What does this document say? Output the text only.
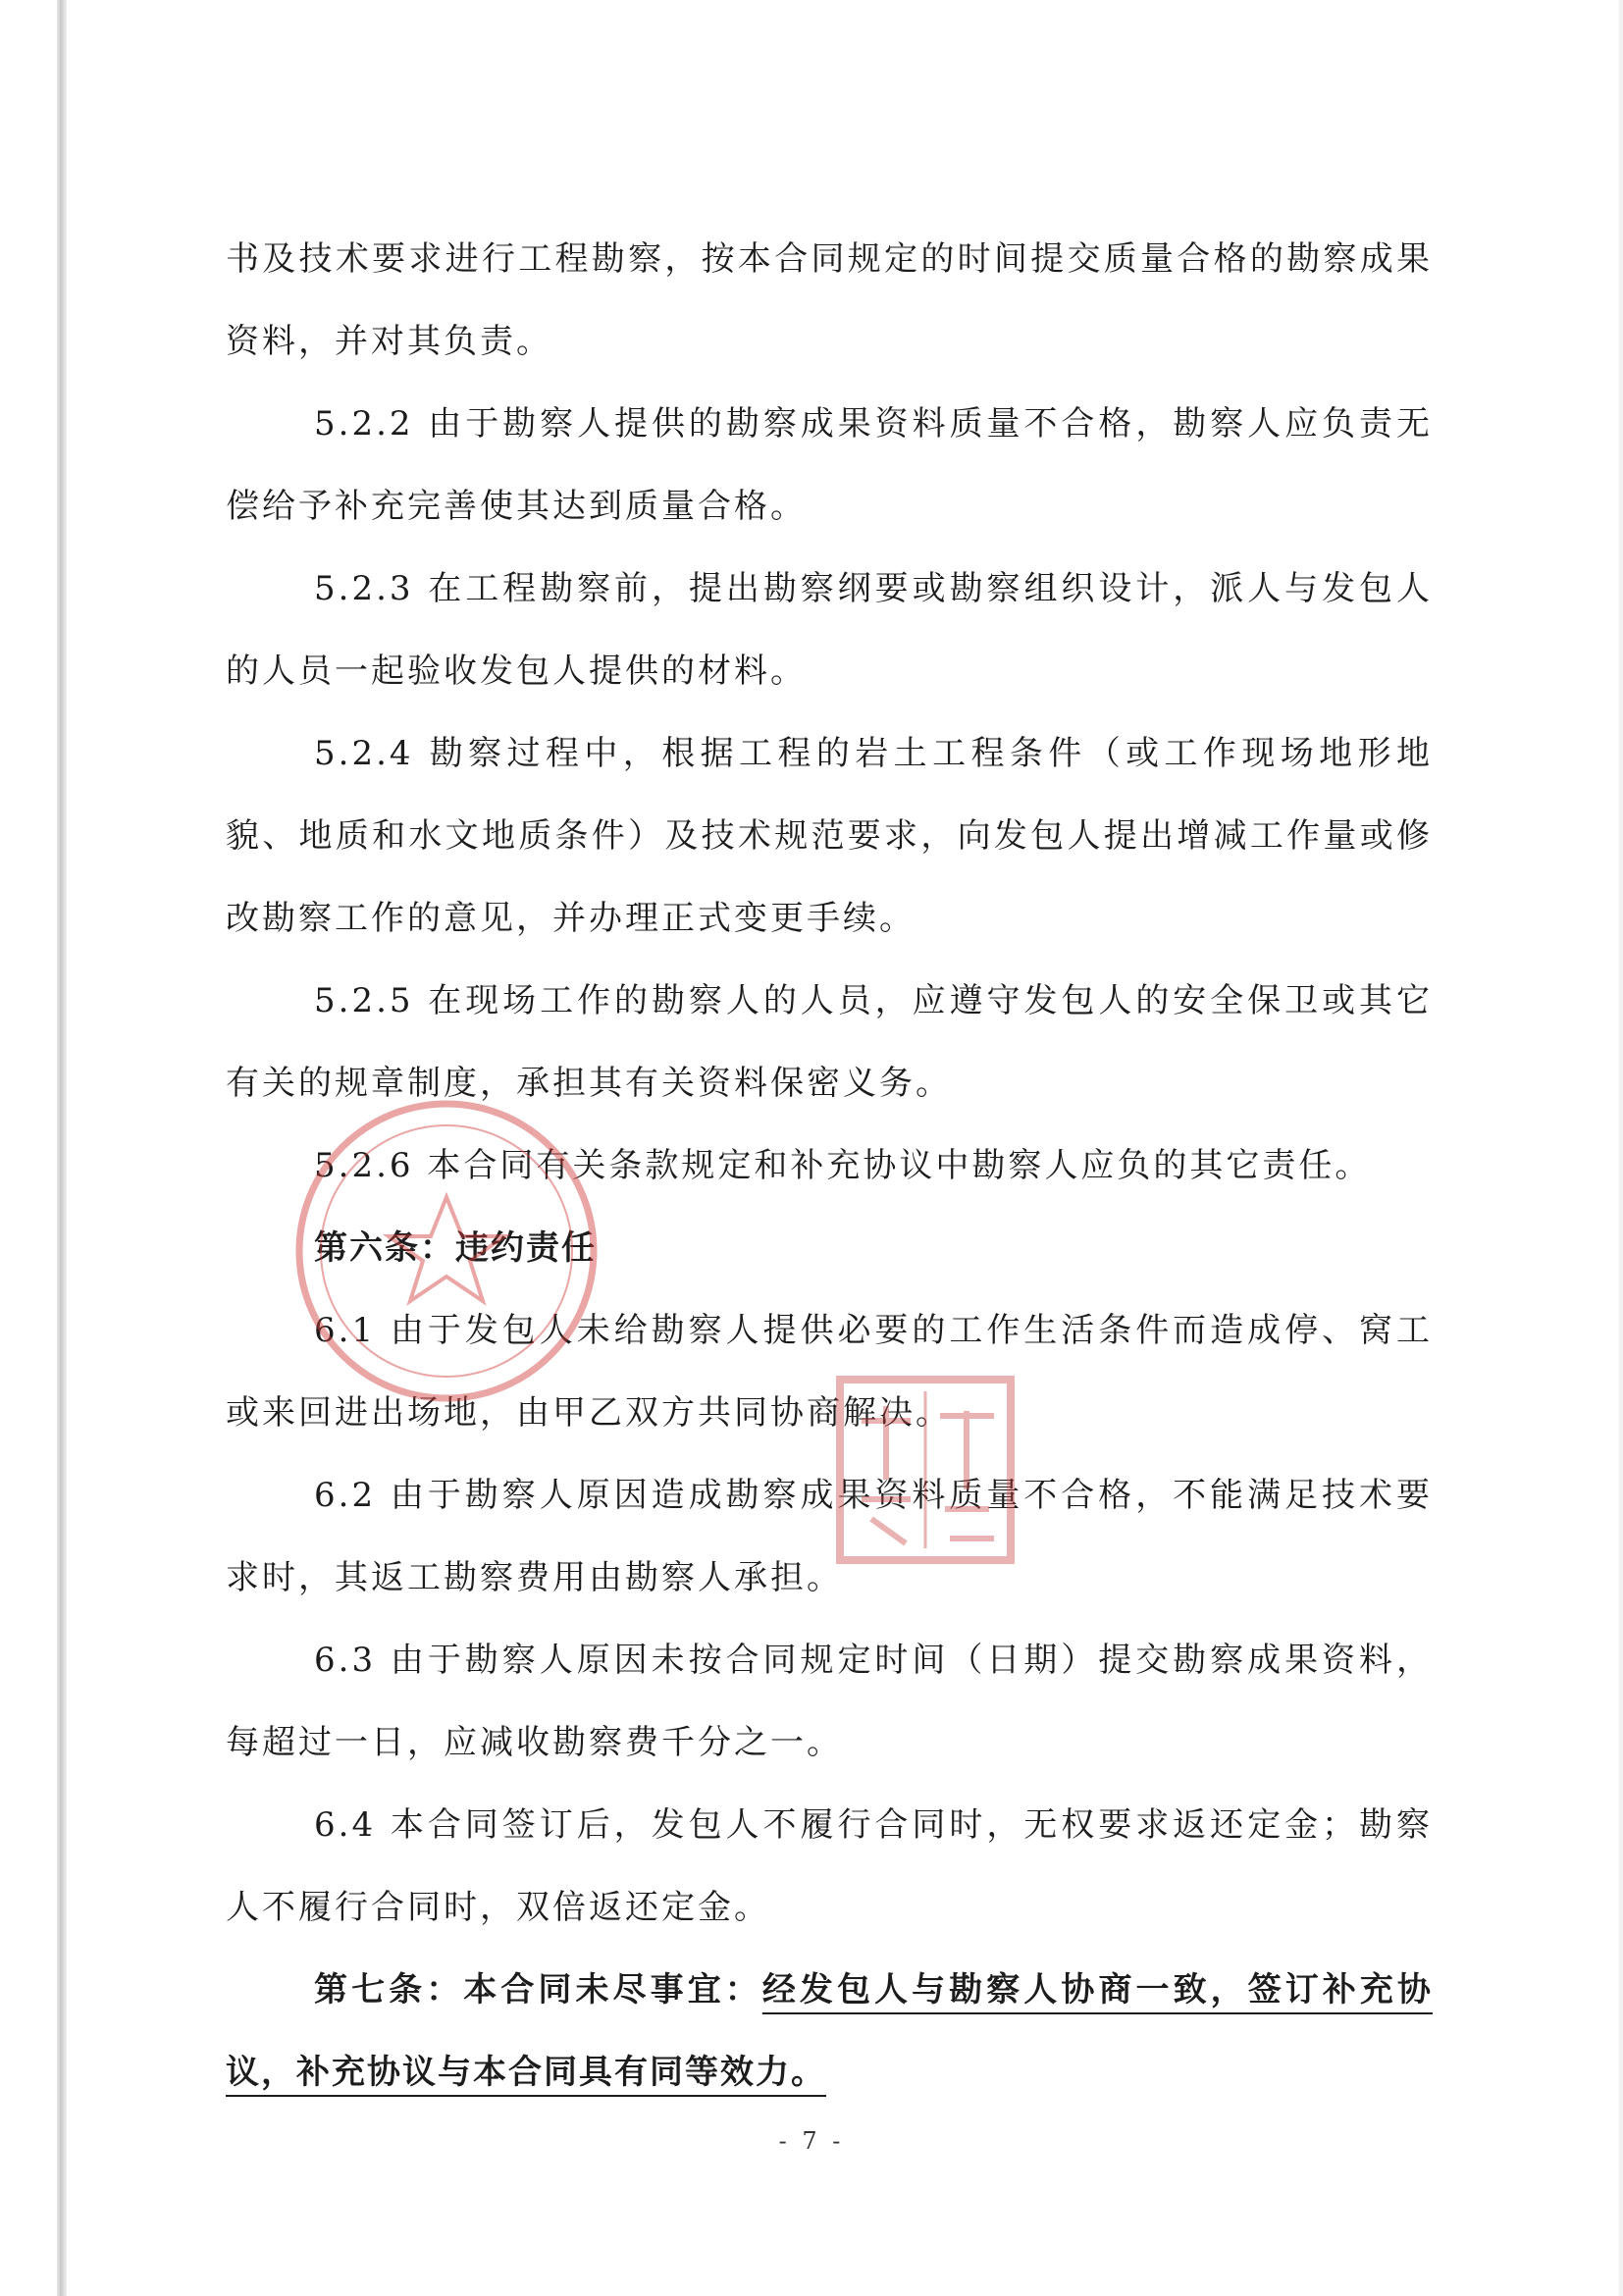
书及技术要求进行工程勘察，按本合同规定的时间提交质量合格的勘察成果资料，并对其负责。

5.2.2 由于勘察人提供的勘察成果资料质量不合格，勘察人应负责无偿给予补充完善使其达到质量合格。

5.2.3 在工程勘察前，提出勘察纲要或勘察组织设计，派人与发包人的人员一起验收发包人提供的材料。

5.2.4 勘察过程中，根据工程的岩土工程条件（或工作现场地形地貌、地质和水文地质条件）及技术规范要求，向发包人提出增减工作量或修改勘察工作的意见，并办理正式变更手续。

5.2.5 在现场工作的勘察人的人员，应遵守发包人的安全保卫或其它有关的规章制度，承担其有关资料保密义务。

5.2.6 本合同有关条款规定和补充协议中勘察人应负的其它责任。

第六条：违约责任

6.1 由于发包人未给勘察人提供必要的工作生活条件而造成停、窝工或来回进出场地，由甲乙双方共同协商解决。

6.2 由于勘察人原因造成勘察成果资料质量不合格，不能满足技术要求时，其返工勘察费用由勘察人承担。

6.3 由于勘察人原因未按合同规定时间（日期）提交勘察成果资料，每超过一日，应减收勘察费千分之一。

6.4 本合同签订后，发包人不履行合同时，无权要求返还定金；勘察人不履行合同时，双倍返还定金。

第七条：本合同未尽事宜：经发包人与勘察人协商一致，签订补充协议，补充协议与本合同具有同等效力。

- 7 -
